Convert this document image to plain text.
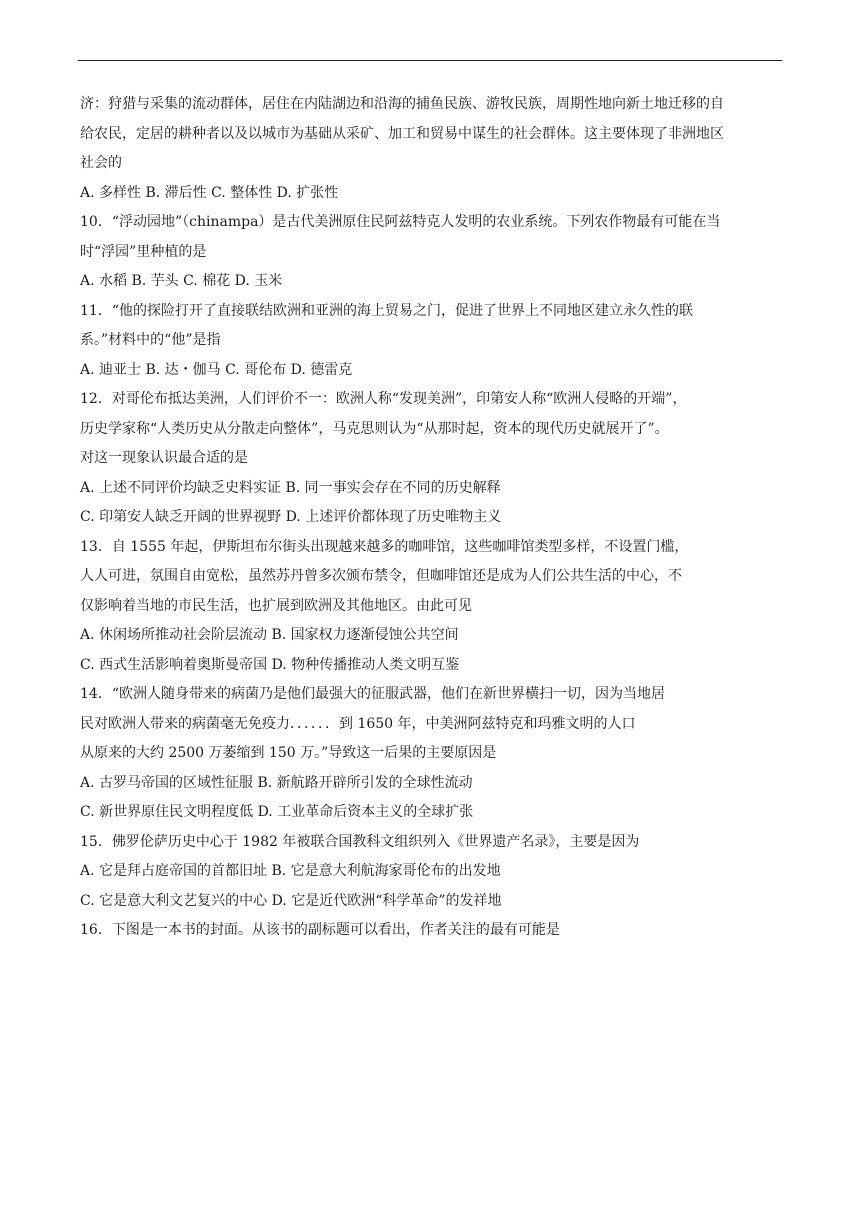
济：狩猎与采集的流动群体，居住在内陆湖边和沿海的捕鱼民族、游牧民族，周期性地向新土地迁移的自
给农民，定居的耕种者以及以城市为基础从采矿、加工和贸易中谋生的社会群体。这主要体现了非洲地区
社会的
A. 多样性 B. 滞后性 C. 整体性 D. 扩张性
10．“浮动园地”（chinampa）是古代美洲原住民阿兹特克人发明的农业系统。下列农作物最有可能在当
时“浮园”里种植的是
A. 水稻 B. 芋头 C. 棉花 D. 玉米
11．“他的探险打开了直接联结欧洲和亚洲的海上贸易之门，促进了世界上不同地区建立永久性的联
系。”材料中的“他”是指
A. 迪亚士 B. 达・伽马 C. 哥伦布 D. 德雷克
12．对哥伦布抵达美洲，人们评价不一：欧洲人称“发现美洲”，印第安人称“欧洲人侵略的开端”，
历史学家称“人类历史从分散走向整体”，马克思则认为“从那时起，资本的现代历史就展开了”。
对这一现象认识最合适的是
A. 上述不同评价均缺乏史料实证 B. 同一事实会存在不同的历史解释
C. 印第安人缺乏开阔的世界视野 D. 上述评价都体现了历史唯物主义
13．自 1555 年起，伊斯坦布尔街头出现越来越多的咖啡馆，这些咖啡馆类型多样，不设置门槛，
人人可进，氛围自由宽松，虽然苏丹曾多次颁布禁令，但咖啡馆还是成为人们公共生活的中心，不
仅影响着当地的市民生活，也扩展到欧洲及其他地区。由此可见
A. 休闲场所推动社会阶层流动 B. 国家权力逐渐侵蚀公共空间
C. 西式生活影响着奥斯曼帝国 D. 物种传播推动人类文明互鉴
14．“欧洲人随身带来的病菌乃是他们最强大的征服武器，他们在新世界横扫一切，因为当地居
民对欧洲人带来的病菌毫无免疫力．．．．．．到 1650 年，中美洲阿兹特克和玛雅文明的人口
从原来的大约 2500 万萎缩到 150 万。”导致这一后果的主要原因是
A. 古罗马帝国的区域性征服 B. 新航路开辟所引发的全球性流动
C. 新世界原住民文明程度低 D. 工业革命后资本主义的全球扩张
15．佛罗伦萨历史中心于 1982 年被联合国教科文组织列入《世界遗产名录》，主要是因为
A. 它是拜占庭帝国的首都旧址 B. 它是意大利航海家哥伦布的出发地
C. 它是意大利文艺复兴的中心 D. 它是近代欧洲“科学革命”的发祥地
16．下图是一本书的封面。从该书的副标题可以看出，作者关注的最有可能是
